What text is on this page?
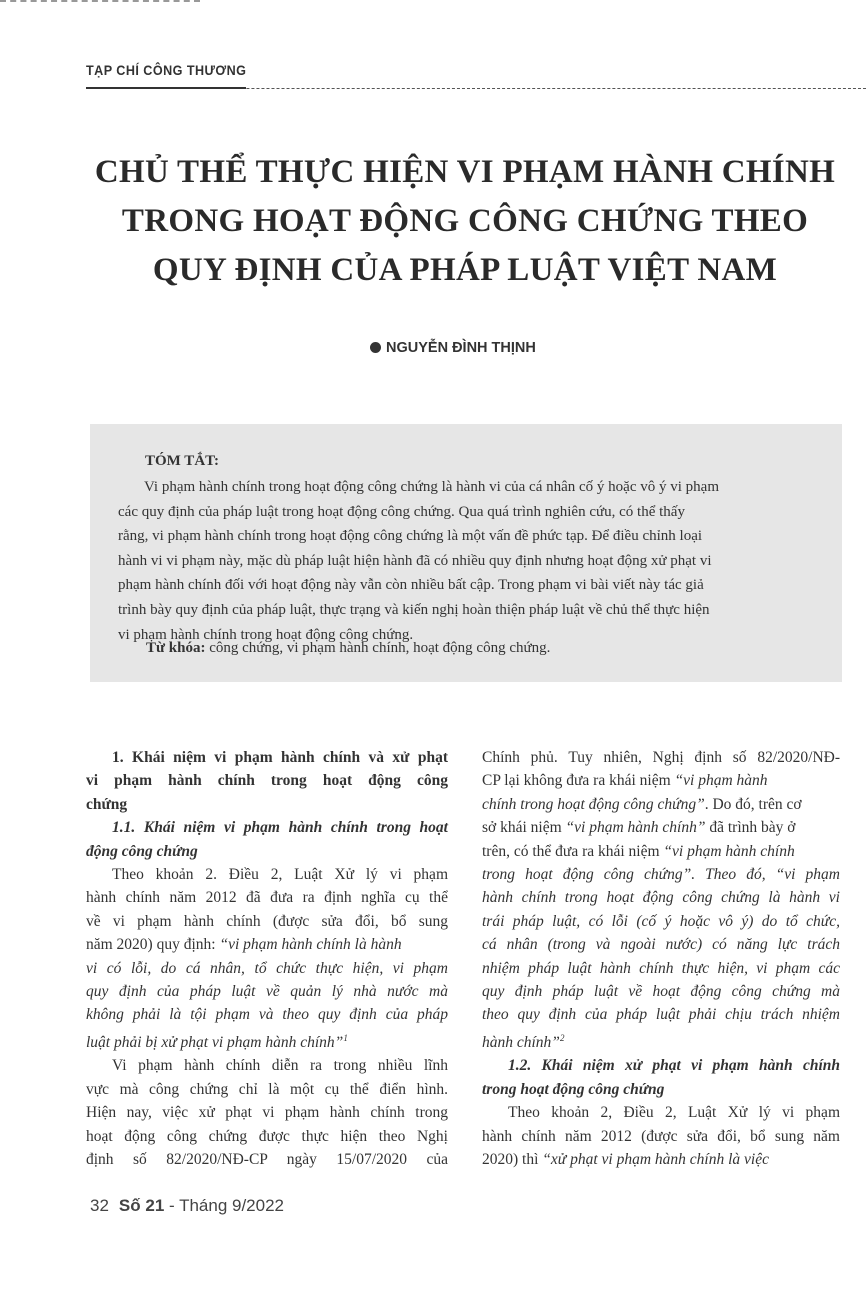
TẠP CHÍ CÔNG THƯƠNG
CHỦ THỂ THỰC HIỆN VI PHẠM HÀNH CHÍNH
TRONG HOẠT ĐỘNG CÔNG CHỨNG THEO
QUY ĐỊNH CỦA PHÁP LUẬT VIỆT NAM
NGUYỄN ĐÌNH THỊNH
TÓM TẮT:
Vi phạm hành chính trong hoạt động công chứng là hành vi của cá nhân cố ý hoặc vô ý vi phạm
các quy định của pháp luật trong hoạt động công chứng. Qua quá trình nghiên cứu, có thể thấy
rằng, vi phạm hành chính trong hoạt động công chứng là một vấn đề phức tạp. Để điều chỉnh loại
hành vi vi phạm này, mặc dù pháp luật hiện hành đã có nhiều quy định nhưng hoạt động xử phạt vi
phạm hành chính đối với hoạt động này vẫn còn nhiều bất cập. Trong phạm vi bài viết này tác giả
trình bày quy định của pháp luật, thực trạng và kiến nghị hoàn thiện pháp luật về chủ thể thực hiện
vi phạm hành chính trong hoạt động công chứng.
Từ khóa: công chứng, vi phạm hành chính, hoạt động công chứng.
1. Khái niệm vi phạm hành chính và xử phạt
vi phạm hành chính trong hoạt động công
chứng
1.1. Khái niệm vi phạm hành chính trong hoạt
động công chứng
Theo khoản 2. Điều 2, Luật Xử lý vi phạm
hành chính năm 2012 đã đưa ra định nghĩa cụ thể
về vi phạm hành chính (được sửa đổi, bổ sung
năm 2020) quy định: “vi phạm hành chính là hành
vi có lỗi, do cá nhân, tổ chức thực hiện, vi phạm
quy định của pháp luật về quản lý nhà nước mà
không phải là tội phạm và theo quy định của pháp
luật phải bị xử phạt vi phạm hành chính”$^1$
Vi phạm hành chính diễn ra trong nhiều lĩnh
vực mà công chứng chỉ là một cụ thể điển hình.
Hiện nay, việc xử phạt vi phạm hành chính trong
hoạt động công chứng được thực hiện theo Nghị
định số 82/2020/NĐ-CP ngày 15/07/2020 của
Chính phủ. Tuy nhiên, Nghị định số 82/2020/NĐ-
CP lại không đưa ra khái niệm “vi phạm hành
chính trong hoạt động công chứng”. Do đó, trên cơ
sở khái niệm “vi phạm hành chính” đã trình bày ở
trên, có thể đưa ra khái niệm “vi phạm hành chính
trong hoạt động công chứng”. Theo đó, “vi phạm
hành chính trong hoạt động công chứng là hành vi
trái pháp luật, có lỗi (cố ý hoặc vô ý) do tổ chức,
cá nhân (trong và ngoài nước) có năng lực trách
nhiệm pháp luật hành chính thực hiện, vi phạm các
quy định pháp luật về hoạt động công chứng mà
theo quy định của pháp luật phải chịu trách nhiệm
hành chính”$^2$
1.2. Khái niệm xử phạt vi phạm hành chính
trong hoạt động công chứng
Theo khoản 2, Điều 2, Luật Xử lý vi phạm
hành chính năm 2012 (được sửa đổi, bổ sung năm
2020) thì “xử phạt vi phạm hành chính là việc
32 Số 21 - Tháng 9/2022
